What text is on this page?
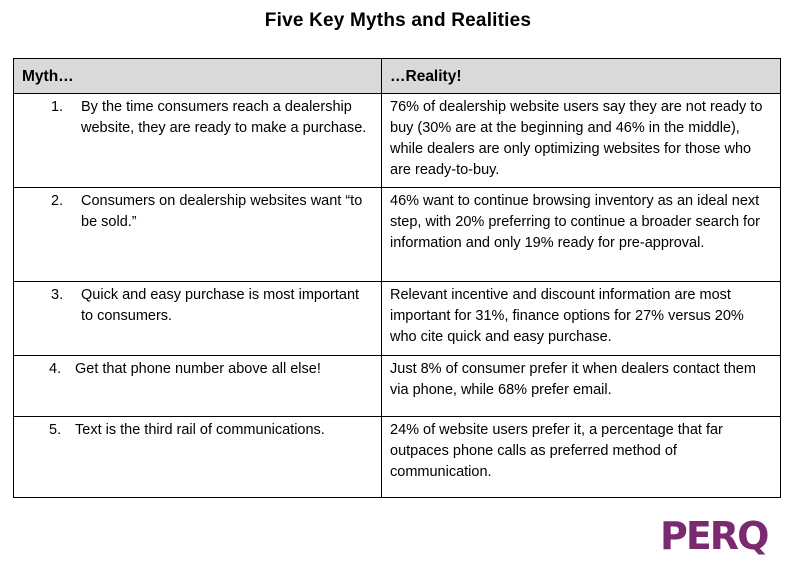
Five Key Myths and Realities
Myth…	…Reality!

1. By the time consumers reach a dealership website, they are ready to make a purchase.	76% of dealership website users say they are not ready to buy (30% are at the beginning and 46% in the middle), while dealers are only optimizing websites for those who are ready-to-buy.

2. Consumers on dealership websites want “to be sold.”	46% want to continue browsing inventory as an ideal next step, with 20% preferring to continue a broader search for information and only 19% ready for pre-approval.

3. Quick and easy purchase is most important to consumers.	Relevant incentive and discount information are most important for 31%, finance options for 27% versus 20% who cite quick and easy purchase.

4. Get that phone number above all else!	Just 8% of consumer prefer it when dealers contact them via phone, while 68% prefer email.

5. Text is the third rail of communications.	24% of website users prefer it, a percentage that far outpaces phone calls as preferred method of communication.
PERQ
